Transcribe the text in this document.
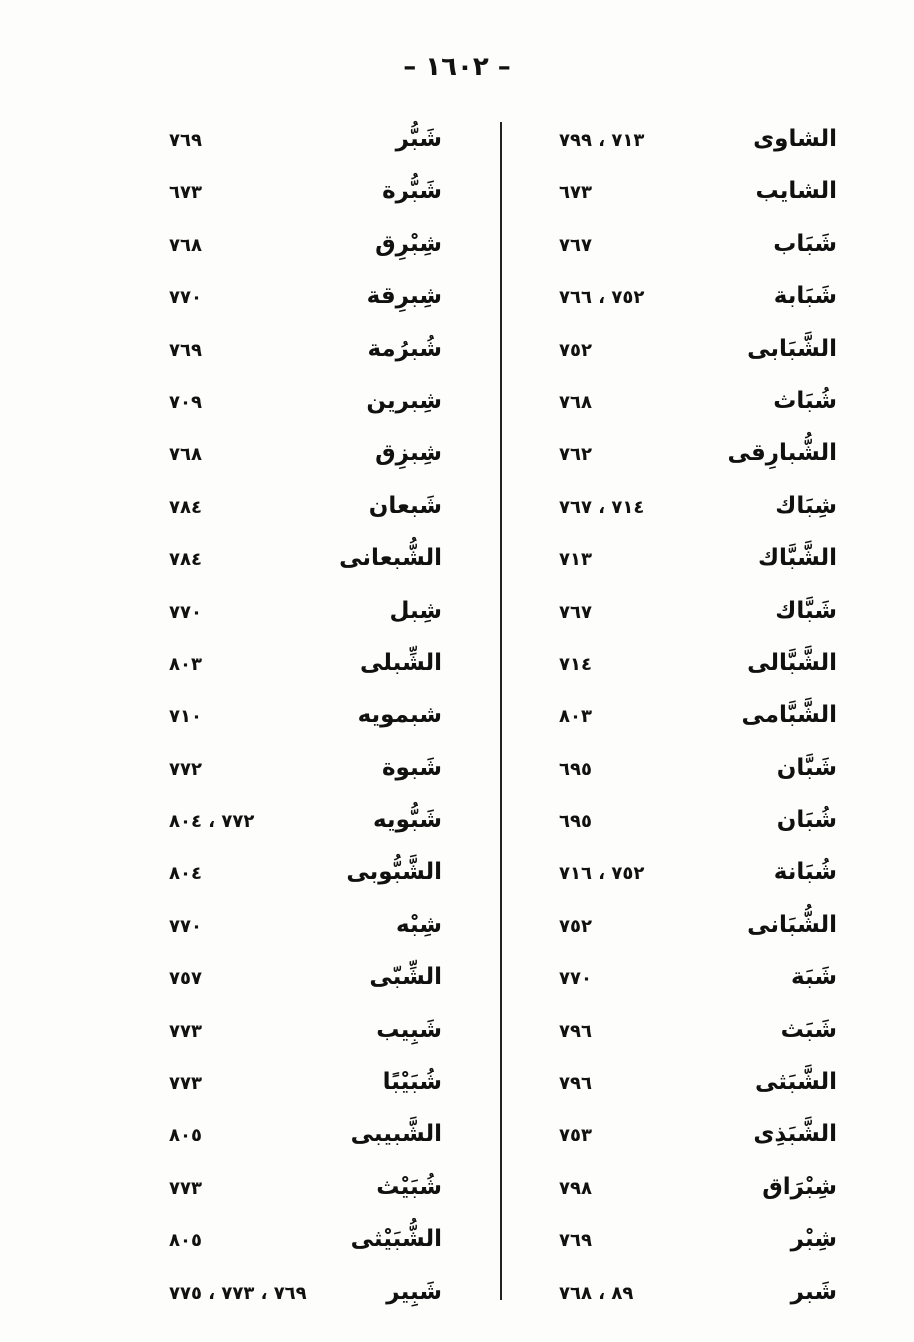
– ١٦٠٢ –
الشاوى
٧١٣ ، ٧٩٩
الشايب
٦٧٣
شَبَاب
٧٦٧
شَبَابة
٧٥٢ ، ٧٦٦
الشَّبَابى
٧٥٢
شُبَاث
٧٦٨
الشُّبارِقى
٧٦٢
شِبَاك
٧١٤ ، ٧٦٧
الشَّبَّاك
٧١٣
شَبَّاك
٧٦٧
الشَّبَّالى
٧١٤
الشَّبَّامى
٨٠٣
شَبَّان
٦٩٥
شُبَان
٦٩٥
شُبَانة
٧٥٢ ، ٧١٦
الشُّبَانى
٧٥٢
شَبَة
٧٧٠
شَبَث
٧٩٦
الشَّبَثى
٧٩٦
الشَّبَذِى
٧٥٣
شِبْرَاق
٧٩٨
شِبْر
٧٦٩
شَبر
٨٩ ، ٧٦٨
شَبُّر
٧٦٩
شَبُّرة
٦٧٣
شِبْرِق
٧٦٨
شِبرِقة
٧٧٠
شُبرُمة
٧٦٩
شِبرين
٧٠٩
شِبزِق
٧٦٨
شَبعان
٧٨٤
الشُّبعانى
٧٨٤
شِبل
٧٧٠
الشِّبلى
٨٠٣
شبمويه
٧١٠
شَبوة
٧٧٢
شَبُّويه
٧٧٢ ، ٨٠٤
الشَّبُّوبى
٨٠٤
شِبْه
٧٧٠
الشِّبّى
٧٥٧
شَبِيب
٧٧٣
شُبَيْبًا
٧٧٣
الشَّبيبى
٨٠٥
شُبَيْث
٧٧٣
الشُّبَيْثى
٨٠٥
شَبِير
٧٦٩ ، ٧٧٣ ، ٧٧٥
